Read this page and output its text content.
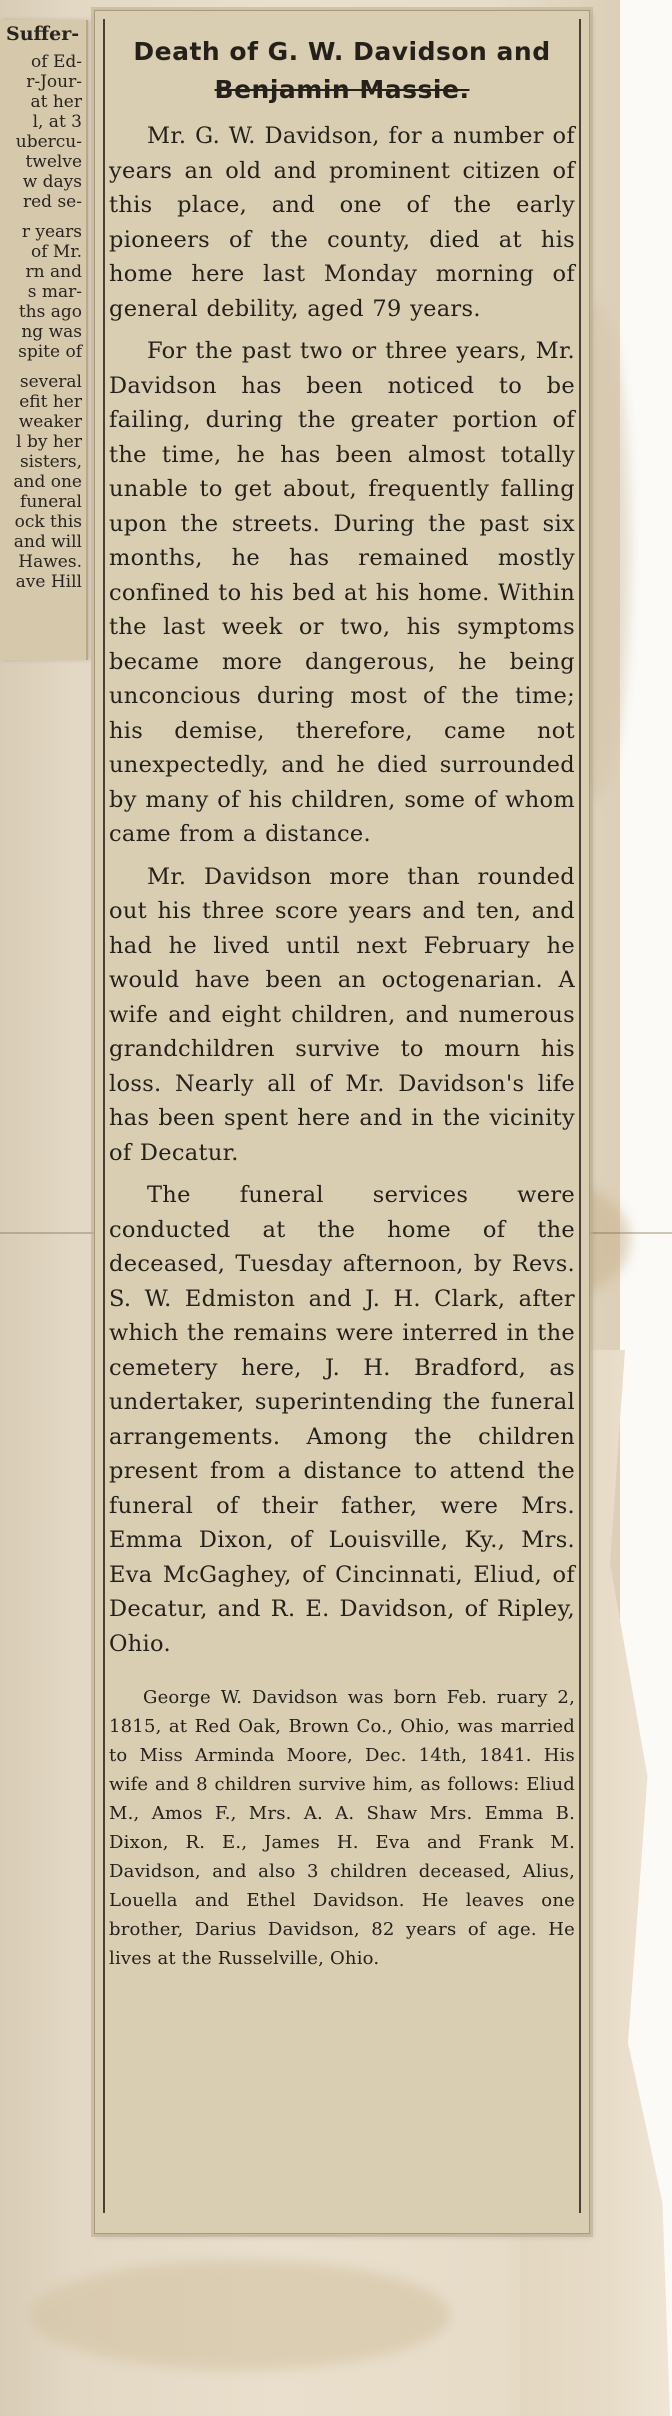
Suffer-
of Ed-
r-Jour-
at her
l, at 3
ubercu-
twelve
w days
red se-
r years
of Mr.
rn and
s mar-
ths ago
ng was
spite of
several
efit her
weaker
l by her
sisters,
and one
funeral
ock this
and will
Hawes.
ave Hill
Death of G. W. Davidson and
Benjamin Massie.

Mr. G. W. Davidson, for a number of years an old and prominent citizen of this place, and one of the early pioneers of the county, died at his home here last Monday morning of general debility, aged 79 years.

For the past two or three years, Mr. Davidson has been noticed to be failing, during the greater portion of the time, he has been almost totally unable to get about, frequently falling upon the streets. During the past six months, he has remained mostly confined to his bed at his home. Within the last week or two, his symptoms became more dangerous, he being unconcious during most of the time; his demise, therefore, came not unexpectedly, and he died surrounded by many of his children, some of whom came from a distance.

Mr. Davidson more than rounded out his three score years and ten, and had he lived until next February he would have been an octogenarian. A wife and eight children, and numerous grandchildren survive to mourn his loss. Nearly all of Mr. Davidson's life has been spent here and in the vicinity of Decatur.

The funeral services were conducted at the home of the deceased, Tuesday afternoon, by Revs. S. W. Edmiston and J. H. Clark, after which the remains were interred in the cemetery here, J. H. Bradford, as undertaker, superintending the funeral arrangements. Among the children present from a distance to attend the funeral of their father, were Mrs. Emma Dixon, of Louisville, Ky., Mrs. Eva McGaghey, of Cincinnati, Eliud, of Decatur, and R. E. Davidson, of Ripley, Ohio.

George W. Davidson was born Feb. ruary 2, 1815, at Red Oak, Brown Co., Ohio, was married to Miss Arminda Moore, Dec. 14th, 1841. His wife and 8 children survive him, as follows: Eliud M., Amos F., Mrs. A. A. Shaw Mrs. Emma B. Dixon, R. E., James H. Eva and Frank M. Davidson, and also 3 children deceased, Alius, Louella and Ethel Davidson. He leaves one brother, Darius Davidson, 82 years of age. He lives at the Russelville, Ohio.
